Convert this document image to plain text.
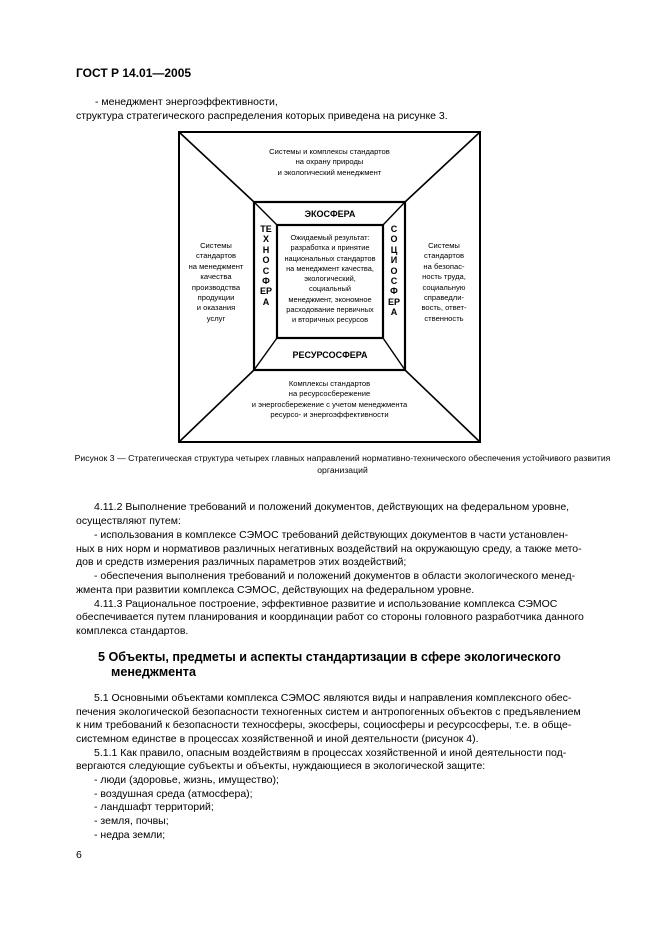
ГОСТ Р 14.01—2005

- менеджмент энергоэффективности,

структура стратегического распределения которых приведена на рисунке 3.

Системы и комплексы стандартов
на охрану природы
и экологический менеджмент
Системы
стандартов
на менеджмент
качества
производства
продукции
и оказания
услуг
Системы
стандартов
на безопас-
ность труда,
социальную
справедли-
вость, ответ-
ственность
Комплексы стандартов
на ресурсосбережение
и энергосбережение с учетом менеджмента
ресурсо- и энергоэффективности
ЭКОСФЕРА
РЕСУРСОСФЕРА
ТЕХНОСФЕРА
СОЦИОСФЕРА
Ожидаемый результат:
разработка и принятие
национальных стандартов
на менеджмент качества,
экологический,
социальный
менеджмент, экономное
расходование первичных
и вторичных ресурсов
Рисунок 3 — Стратегическая структура четырех главных направлений нормативно-технического обеспечения устойчивого развития организаций

4.11.2 Выполнение требований и положений документов, действующих на федеральном уровне,

осуществляют путем:

- использования в комплексе СЭМОС требований действующих документов в части установлен-

ных в них норм и нормативов различных негативных воздействий на окружающую среду, а также мето-

дов и средств измерения различных параметров этих воздействий;

- обеспечения выполнения требований и положений документов в области экологического менед-

жмента при развитии комплекса СЭМОС, действующих на федеральном уровне.

4.11.3 Рациональное построение, эффективное развитие и использование комплекса СЭМОС

обеспечивается путем планирования и координации работ со стороны головного разработчика данного

комплекса стандартов.

5 Объекты, предметы и аспекты стандартизации в сфере экологического
менеджмента

5.1 Основными объектами комплекса СЭМОС являются виды и направления комплексного обес-

печения экологической безопасности техногенных систем и антропогенных объектов с предъявлением

к ним требований к безопасности техносферы, экосферы, социосферы и ресурсосферы, т.е. в обще-

системном единстве в процессах хозяйственной и иной деятельности (рисунок 4).

5.1.1 Как правило, опасным воздействиям в процессах хозяйственной и иной деятельности под-

вергаются следующие субъекты и объекты, нуждающиеся в экологической защите:

- люди (здоровье, жизнь, имущество);
- воздушная среда (атмосфера);
- ландшафт территорий;
- земля, почвы;
- недра земли;
6
